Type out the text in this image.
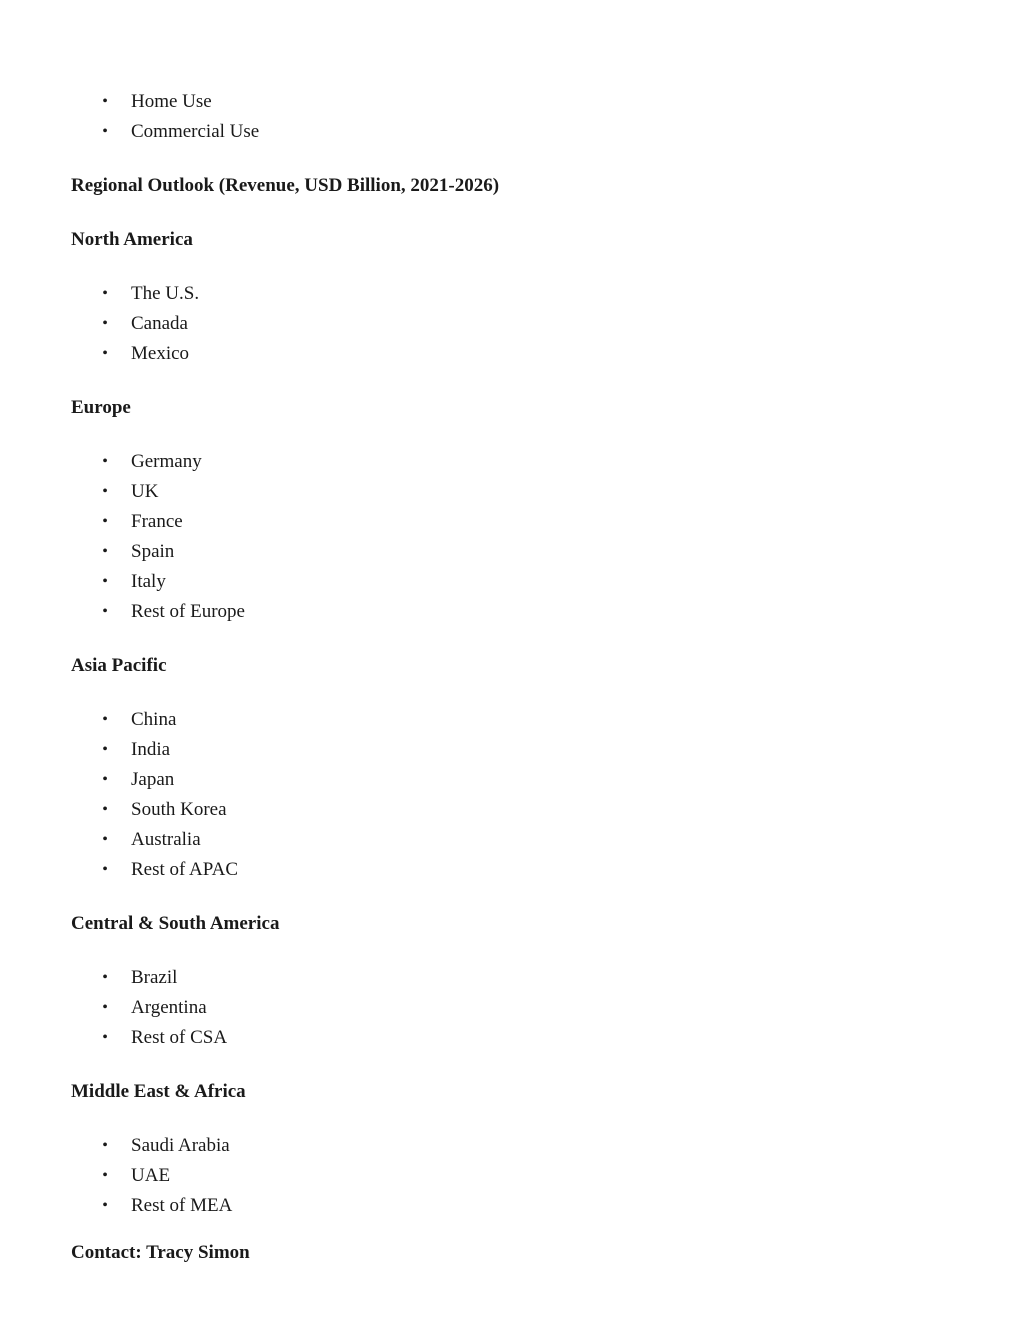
• Home Use
• Commercial Use
Regional Outlook (Revenue, USD Billion, 2021-2026)
North America
• The U.S.
• Canada
• Mexico
Europe
• Germany
• UK
• France
• Spain
• Italy
• Rest of Europe
Asia Pacific
• China
• India
• Japan
• South Korea
• Australia
• Rest of APAC
Central & South America
• Brazil
• Argentina
• Rest of CSA
Middle East & Africa
• Saudi Arabia
• UAE
• Rest of MEA
Contact: Tracy Simon
